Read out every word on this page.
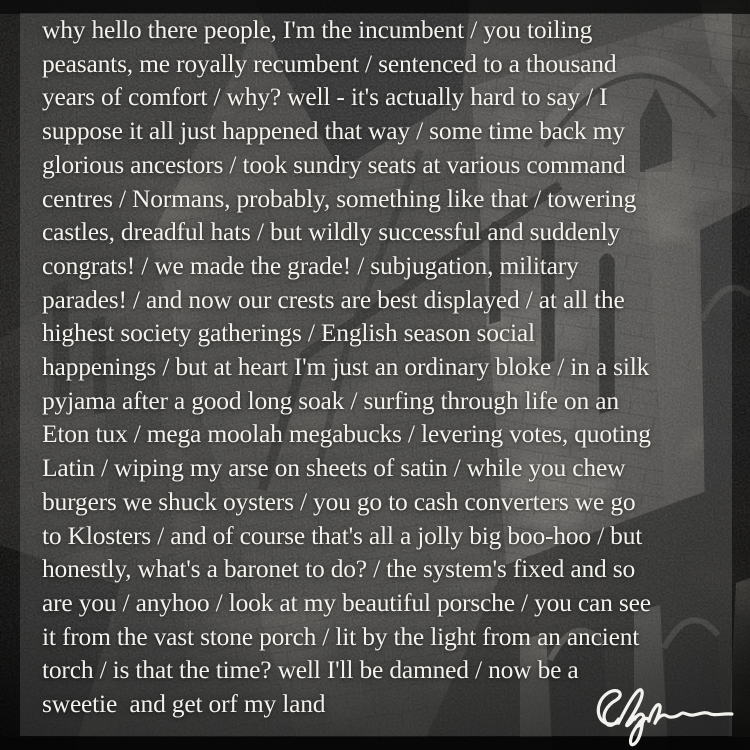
why hello there people, I'm the incumbent / you toiling
peasants, me royally recumbent / sentenced to a thousand
years of comfort / why? well - it's actually hard to say / I
suppose it all just happened that way / some time back my
glorious ancestors / took sundry seats at various command
centres / Normans, probably, something like that / towering
castles, dreadful hats / but wildly successful and suddenly
congrats! / we made the grade! / subjugation, military
parades! / and now our crests are best displayed / at all the
highest society gatherings / English season social
happenings / but at heart I'm just an ordinary bloke / in a silk
pyjama after a good long soak / surfing through life on an
Eton tux / mega moolah megabucks / levering votes, quoting
Latin / wiping my arse on sheets of satin / while you chew
burgers we shuck oysters / you go to cash converters we go
to Klosters / and of course that's all a jolly big boo-hoo / but
honestly, what's a baronet to do? / the system's fixed and so
are you / anyhoo / look at my beautiful porsche / you can see
it from the vast stone porch / lit by the light from an ancient
torch / is that the time? well I'll be damned / now be a
sweetie  and get orf my land
